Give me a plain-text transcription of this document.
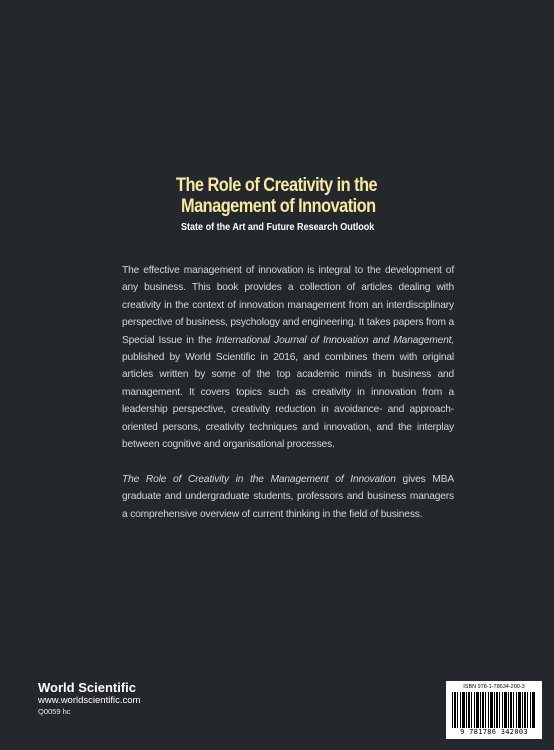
The Role of Creativity in the
Management of Innovation
State of the Art and Future Research Outlook

The effective management of innovation is integral to the development of any business. This book provides a collection of articles dealing with creativity in the context of innovation management from an interdisciplinary perspective of business, psychology and engineering. It takes papers from a Special Issue in the International Journal of Innovation and Management, published by World Scientific in 2016, and combines them with original articles written by some of the top academic minds in business and management. It covers topics such as creativity in innovation from a leadership perspective, creativity reduction in avoidance- and approach-oriented persons, creativity techniques and innovation, and the interplay between cognitive and organisational processes.

The Role of Creativity in the Management of Innovation gives MBA graduate and undergraduate students, professors and business managers a comprehensive overview of current thinking in the field of business.

World Scientific
www.worldscientific.com
Q0059 hc
ISBN 978-1-78634-200-3
9 781786 342003
